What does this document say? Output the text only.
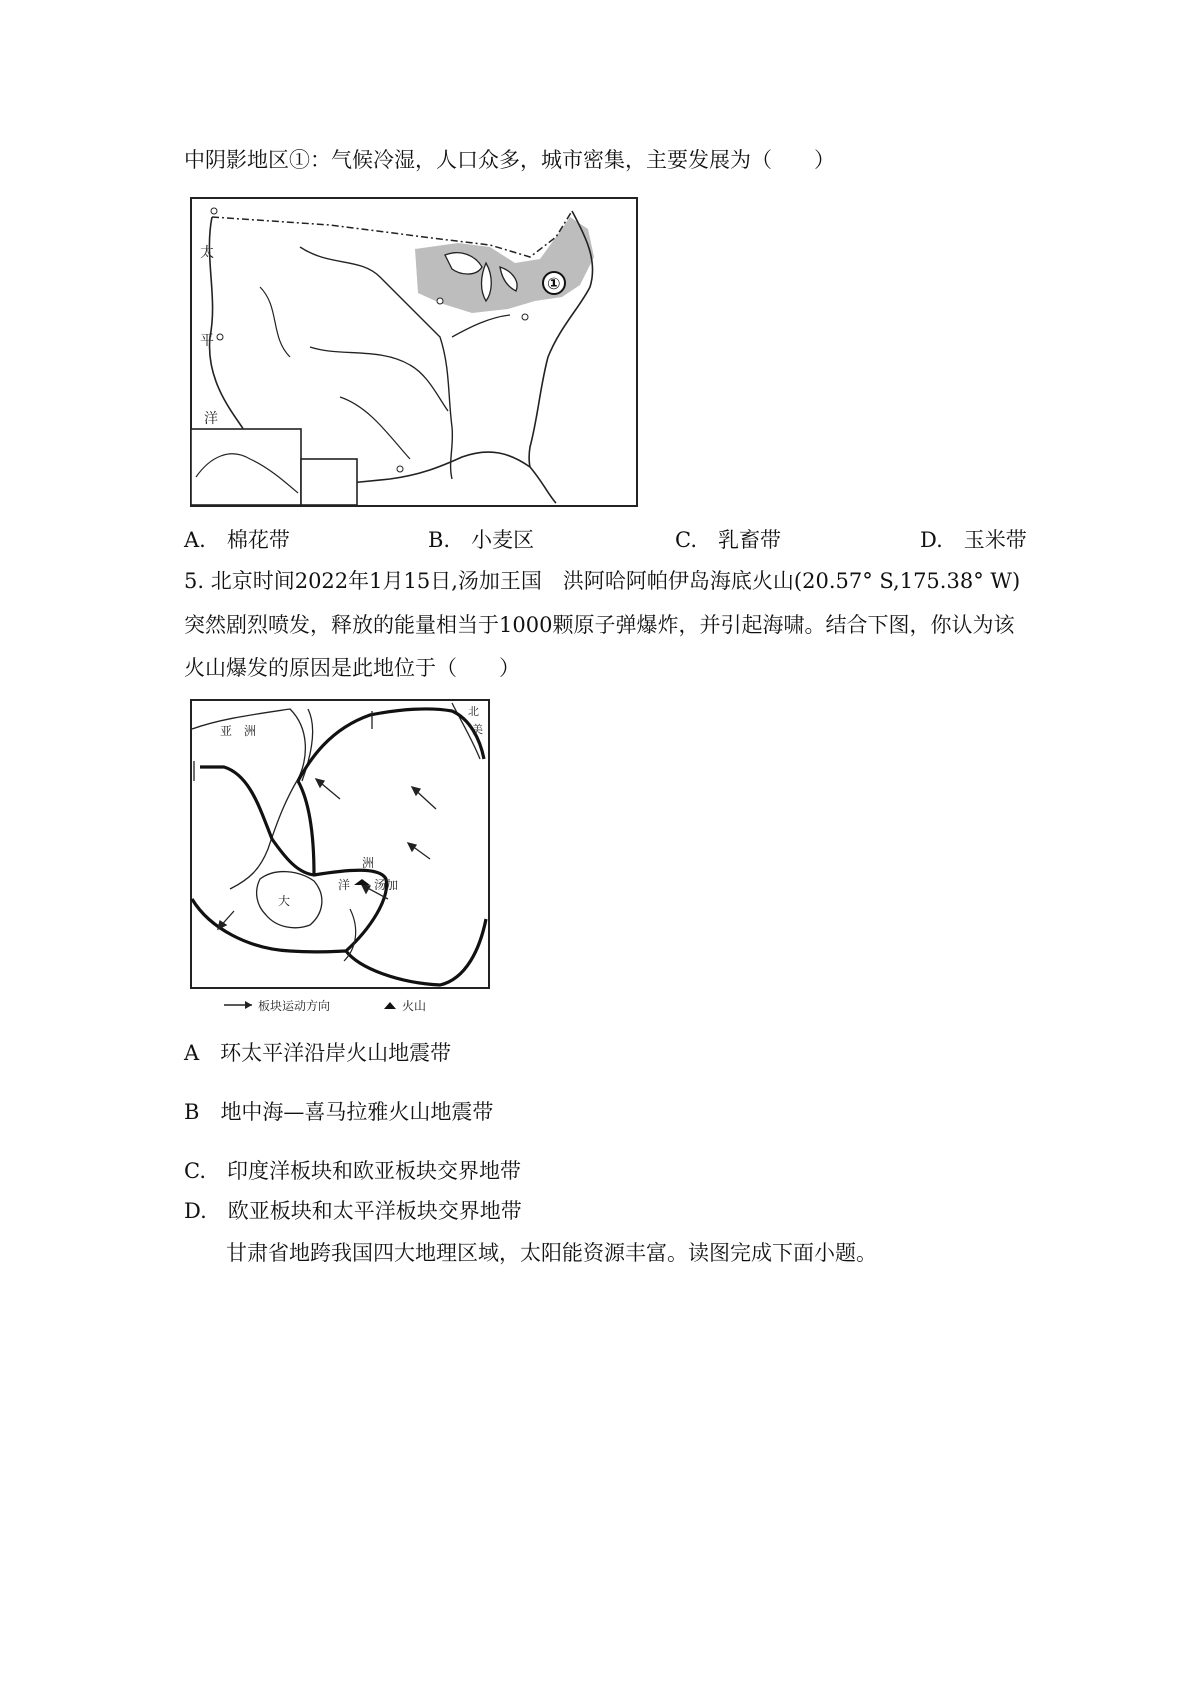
中阴影地区①：气候冷湿，人口众多，城市密集，主要发展为（　　）
太
平
洋
①
A.　 棉花带	B.　 小麦区	C.　 乳畜带	D.　 玉米带
5. 北京时间2022年1月15日,汤加王国　洪阿哈阿帕伊岛海底火山(20.57° S,175.38° W)
突然剧烈喷发，释放的能量相当于1000颗原子弹爆炸，并引起海啸。结合下图，你认为该
火山爆发的原因是此地位于（　　）
亚　洲
北
美
洲
洋 汤加
大
板块运动方向	火山
A　 环太平洋沿岸火山地震带
B　 地中海—喜马拉雅火山地震带
C.　 印度洋板块和欧亚板块交界地带
D.　 欧亚板块和太平洋板块交界地带
甘肃省地跨我国四大地理区域，太阳能资源丰富。读图完成下面小题。
